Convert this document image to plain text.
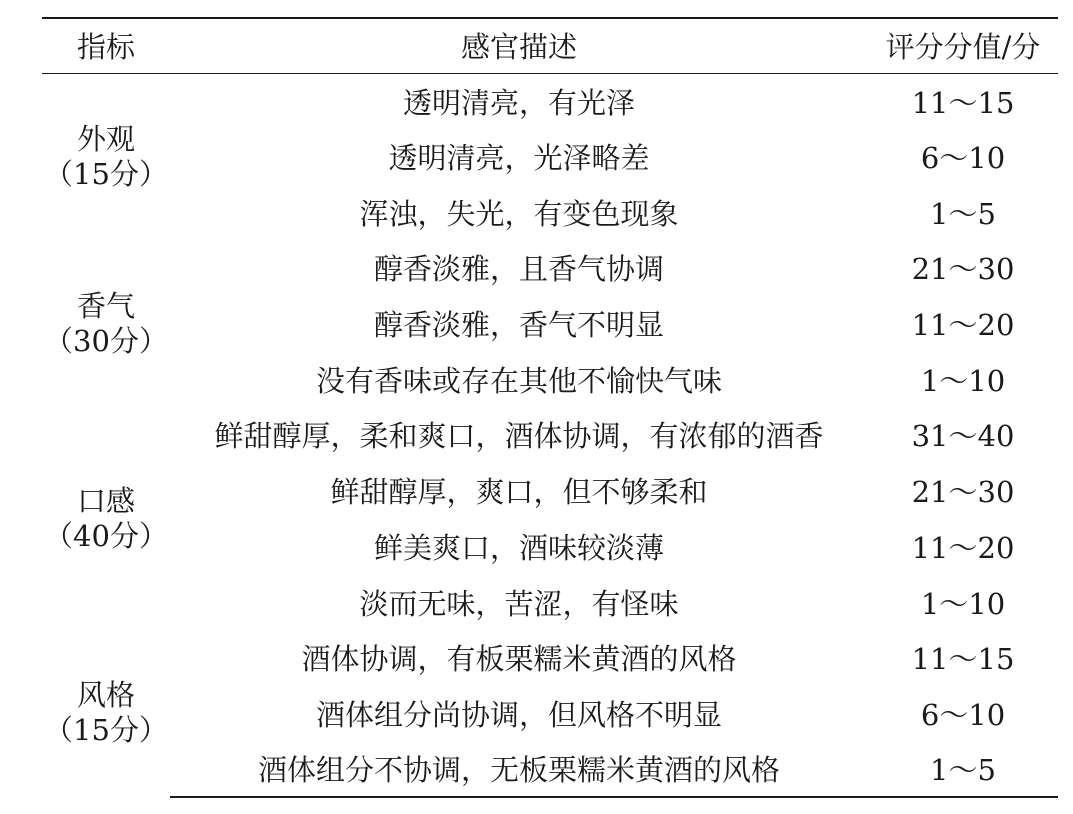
指标	感官描述	评分分值/分

外观
（15分）	透明清亮，有光泽	11～15
	透明清亮，光泽略差	6～10
	浑浊，失光，有变色现象	1～5

香气
（30分）	醇香淡雅，且香气协调	21～30
	醇香淡雅，香气不明显	11～20
	没有香味或存在其他不愉快气味	1～10

口感
（40分）	鲜甜醇厚，柔和爽口，酒体协调，有浓郁的酒香	31～40
	鲜甜醇厚，爽口，但不够柔和	21～30
	鲜美爽口，酒味较淡薄	11～20
	淡而无味，苦涩，有怪味	1～10

风格
（15分）	酒体协调，有板栗糯米黄酒的风格	11～15
	酒体组分尚协调，但风格不明显	6～10
	酒体组分不协调，无板栗糯米黄酒的风格	1～5
